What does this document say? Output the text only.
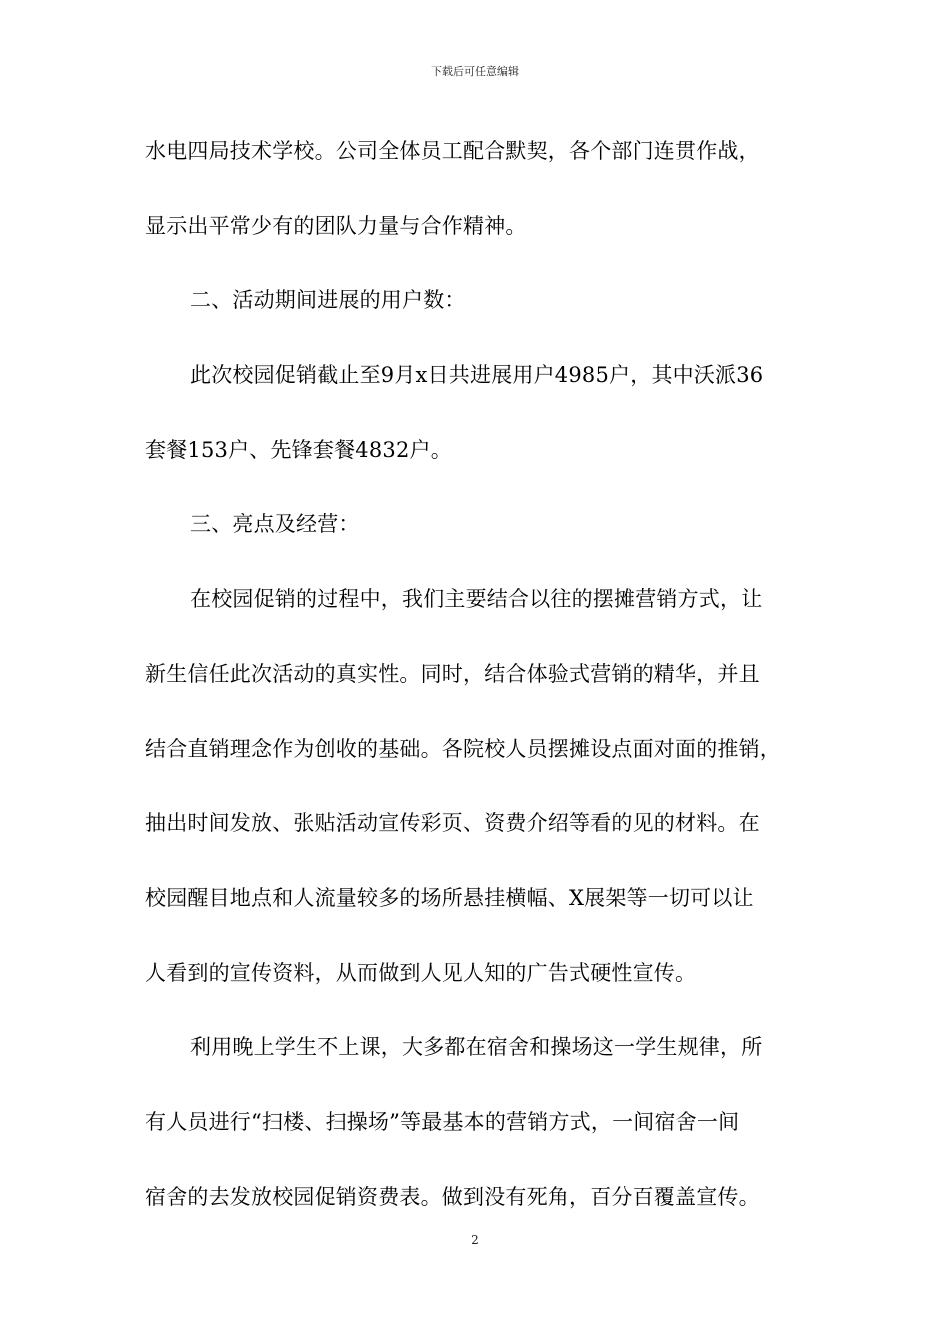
下载后可任意编辑
水电四局技术学校。公司全体员工配合默契，各个部门连贯作战，
显示出平常少有的团队力量与合作精神。
二、活动期间进展的用户数：
此次校园促销截止至9月x日共进展用户4985户，其中沃派36
套餐153户、先锋套餐4832户。
三、亮点及经营：
在校园促销的过程中，我们主要结合以往的摆摊营销方式，让
新生信任此次活动的真实性。同时，结合体验式营销的精华，并且
结合直销理念作为创收的基础。各院校人员摆摊设点面对面的推销，
抽出时间发放、张贴活动宣传彩页、资费介绍等看的见的材料。在
校园醒目地点和人流量较多的场所悬挂横幅、X展架等一切可以让
人看到的宣传资料，从而做到人见人知的广告式硬性宣传。
利用晚上学生不上课，大多都在宿舍和操场这一学生规律，所
有人员进行“扫楼、扫操场”等最基本的营销方式，一间宿舍一间
宿舍的去发放校园促销资费表。做到没有死角，百分百覆盖宣传。
2
